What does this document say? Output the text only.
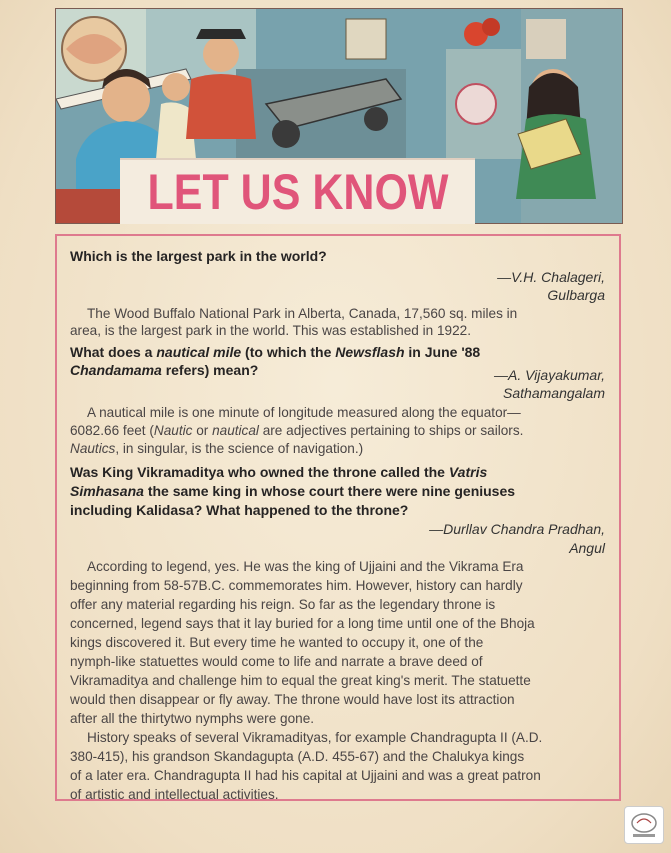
LET US KNOW
Which is the largest park in the world?
—V.H. Chalageri,
Gulbarga
The Wood Buffalo National Park in Alberta, Canada, 17,560 sq. miles in
area, is the largest park in the world. This was established in 1922.
What does a nautical mile (to which the Newsflash in June '88
Chandamama refers) mean?	—A. Vijayakumar,
Sathamangalam
A nautical mile is one minute of longitude measured along the equator—
6082.66 feet (Nautic or nautical are adjectives pertaining to ships or sailors.
Nautics, in singular, is the science of navigation.)
Was King Vikramaditya who owned the throne called the Vatris
Simhasana the same king in whose court there were nine geniuses
including Kalidasa? What happened to the throne?
—Durllav Chandra Pradhan,
Angul
According to legend, yes. He was the king of Ujjaini and the Vikrama Era
beginning from 58-57B.C. commemorates him. However, history can hardly
offer any material regarding his reign. So far as the legendary throne is
concerned, legend says that it lay buried for a long time until one of the Bhoja
kings discovered it. But every time he wanted to occupy it, one of the
nymph-like statuettes would come to life and narrate a brave deed of
Vikramaditya and challenge him to equal the great king's merit. The statuette
would then disappear or fly away. The throne would have lost its attraction
after all the thirtytwo nymphs were gone.
History speaks of several Vikramadityas, for example Chandragupta II (A.D.
380-415), his grandson Skandagupta (A.D. 455-67) and the Chalukya kings
of a later era. Chandragupta II had his capital at Ujjaini and was a great patron
of artistic and intellectual activities.
